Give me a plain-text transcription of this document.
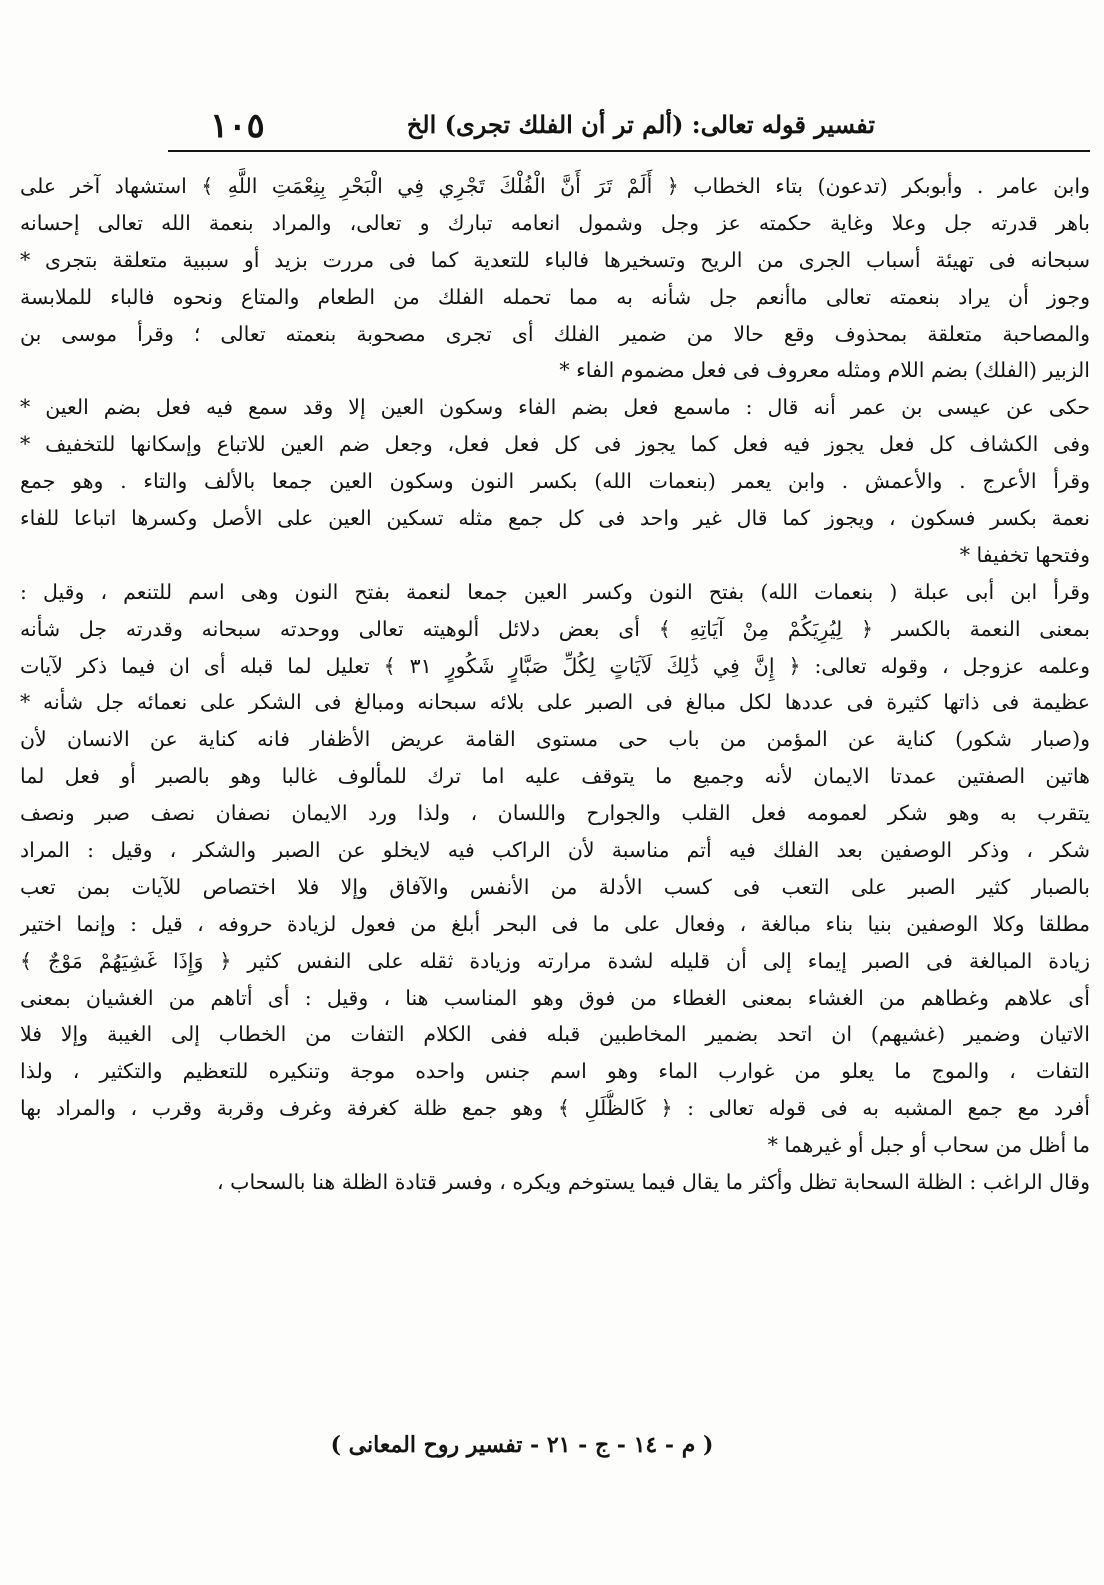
تفسير قوله تعالى: (ألم تر أن الفلك تجرى) الخ
١٠٥
وابن عامر . وأبوبكر (تدعون) بتاء الخطاب ﴿ أَلَمْ تَرَ أَنَّ الْفُلْكَ تَجْرِي فِي الْبَحْرِ بِنِعْمَتِ اللَّهِ ﴾ استشهاد آخر على
باهر قدرته جل وعلا وغاية حكمته عز وجل وشمول انعامه تبارك و تعالى، والمراد بنعمة الله تعالى إحسانه
سبحانه فى تهيئة أسباب الجرى من الريح وتسخيرها فالباء للتعدية كما فى مررت بزيد أو سببية متعلقة بتجرى *
وجوز أن يراد بنعمته تعالى ماأنعم جل شأنه به مما تحمله الفلك من الطعام والمتاع ونحوه فالباء للملابسة
والمصاحبة متعلقة بمحذوف وقع حالا من ضمير الفلك أى تجرى مصحوبة بنعمته تعالى ؛ وقرأ موسى بن
الزبير (الفلك) بضم اللام ومثله معروف فى فعل مضموم الفاء *
حكى عن عيسى بن عمر أنه قال : ماسمع فعل بضم الفاء وسكون العين إلا وقد سمع فيه فعل بضم العين *
وفى الكشاف كل فعل يجوز فيه فعل كما يجوز فى كل فعل فعل، وجعل ضم العين للاتباع وإسكانها للتخفيف *
وقرأ الأعرج . والأعمش . وابن يعمر (بنعمات الله) بكسر النون وسكون العين جمعا بالألف والتاء . وهو جمع
نعمة بكسر فسكون ، ويجوز كما قال غير واحد فى كل جمع مثله تسكين العين على الأصل وكسرها اتباعا للفاء
وفتحها تخفيفا *
وقرأ ابن أبى عبلة ( بنعمات الله) بفتح النون وكسر العين جمعا لنعمة بفتح النون وهى اسم للتنعم ، وقيل :
بمعنى النعمة بالكسر ﴿ لِيُرِيَكُمْ مِنْ آيَاتِهِ ﴾ أى بعض دلائل ألوهيته تعالى ووحدته سبحانه وقدرته جل شأنه
وعلمه عزوجل ، وقوله تعالى: ﴿ إِنَّ فِي ذَٰلِكَ لَآيَاتٍ لِكُلِّ صَبَّارٍ شَكُورٍ ٣١ ﴾ تعليل لما قبله أى ان فيما ذكر لآيات
عظيمة فى ذاتها كثيرة فى عددها لكل مبالغ فى الصبر على بلائه سبحانه ومبالغ فى الشكر على نعمائه جل شأنه *
و(صبار شكور) كناية عن المؤمن من باب حى مستوى القامة عريض الأظفار فانه كناية عن الانسان لأن
هاتين الصفتين عمدتا الايمان لأنه وجميع ما يتوقف عليه اما ترك للمألوف غالبا وهو بالصبر أو فعل لما
يتقرب به وهو شكر لعمومه فعل القلب والجوارح واللسان ، ولذا ورد الايمان نصفان نصف صبر ونصف
شكر ، وذكر الوصفين بعد الفلك فيه أتم مناسبة لأن الراكب فيه لايخلو عن الصبر والشكر ، وقيل : المراد
بالصبار كثير الصبر على التعب فى كسب الأدلة من الأنفس والآفاق وإلا فلا اختصاص للآيات بمن تعب
مطلقا وكلا الوصفين بنيا بناء مبالغة ، وفعال على ما فى البحر أبلغ من فعول لزيادة حروفه ، قيل : وإنما اختير
زيادة المبالغة فى الصبر إيماء إلى أن قليله لشدة مرارته وزيادة ثقله على النفس كثير ﴿ وَإِذَا غَشِيَهُمْ مَوْجٌ ﴾
أى علاهم وغطاهم من الغشاء بمعنى الغطاء من فوق وهو المناسب هنا ، وقيل : أى أتاهم من الغشيان بمعنى
الاتيان وضمير (غشيهم) ان اتحد بضمير المخاطبين قبله ففى الكلام التفات من الخطاب إلى الغيبة وإلا فلا
التفات ، والموج ما يعلو من غوارب الماء وهو اسم جنس واحده موجة وتنكيره للتعظيم والتكثير ، ولذا
أفرد مع جمع المشبه به فى قوله تعالى : ﴿ كَالظُّلَلِ ﴾ وهو جمع ظلة كغرفة وغرف وقربة وقرب ، والمراد بها
ما أظل من سحاب أو جبل أو غيرهما *
وقال الراغب : الظلة السحابة تظل وأكثر ما يقال فيما يستوخم ويكره ، وفسر قتادة الظلة هنا بالسحاب ،
( م - ١٤ - ج - ٢١ - تفسير روح المعانى )
